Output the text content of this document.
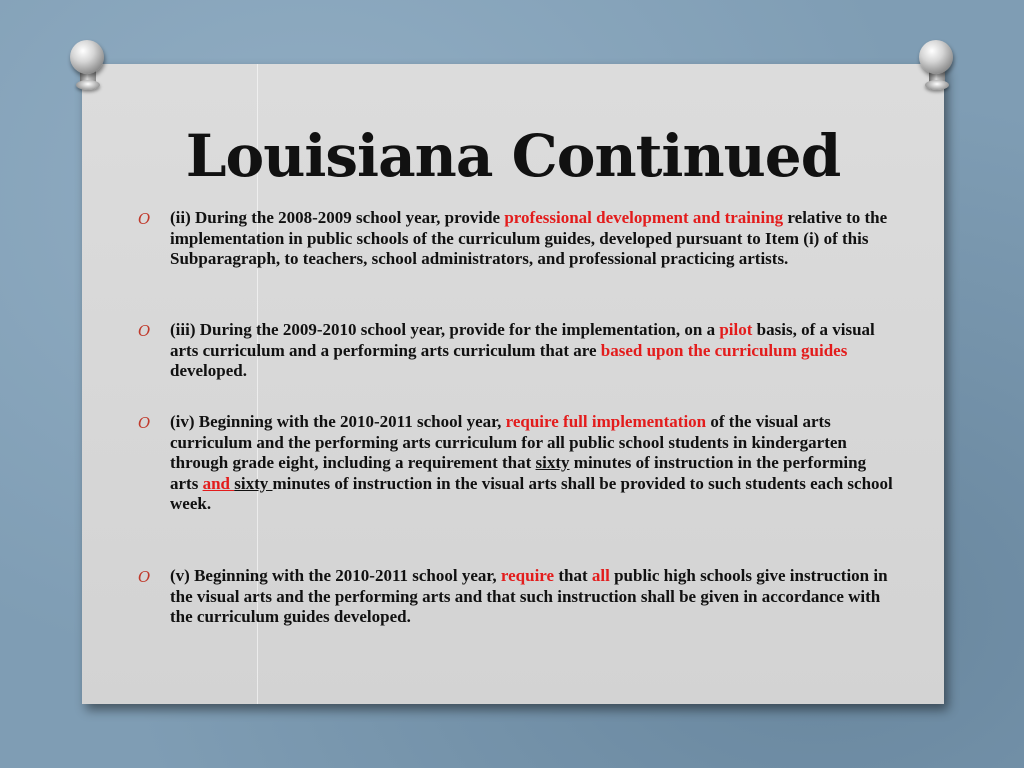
Louisiana Continued
O (ii) During the 2008-2009 school year, provide professional development and training relative to the implementation in public schools of the curriculum guides, developed pursuant to Item (i) of this Subparagraph, to teachers, school administrators, and professional practicing artists.
O (iii) During the 2009-2010 school year, provide for the implementation, on a pilot basis, of a visual arts curriculum and a performing arts curriculum that are based upon the curriculum guides developed.
O (iv) Beginning with the 2010-2011 school year, require full implementation of the visual arts curriculum and the performing arts curriculum for all public school students in kindergarten through grade eight, including a requirement that sixty minutes of instruction in the performing arts and sixty minutes of instruction in the visual arts shall be provided to such students each school week.
O (v) Beginning with the 2010-2011 school year, require that all public high schools give instruction in the visual arts and the performing arts and that such instruction shall be given in accordance with the curriculum guides developed.
